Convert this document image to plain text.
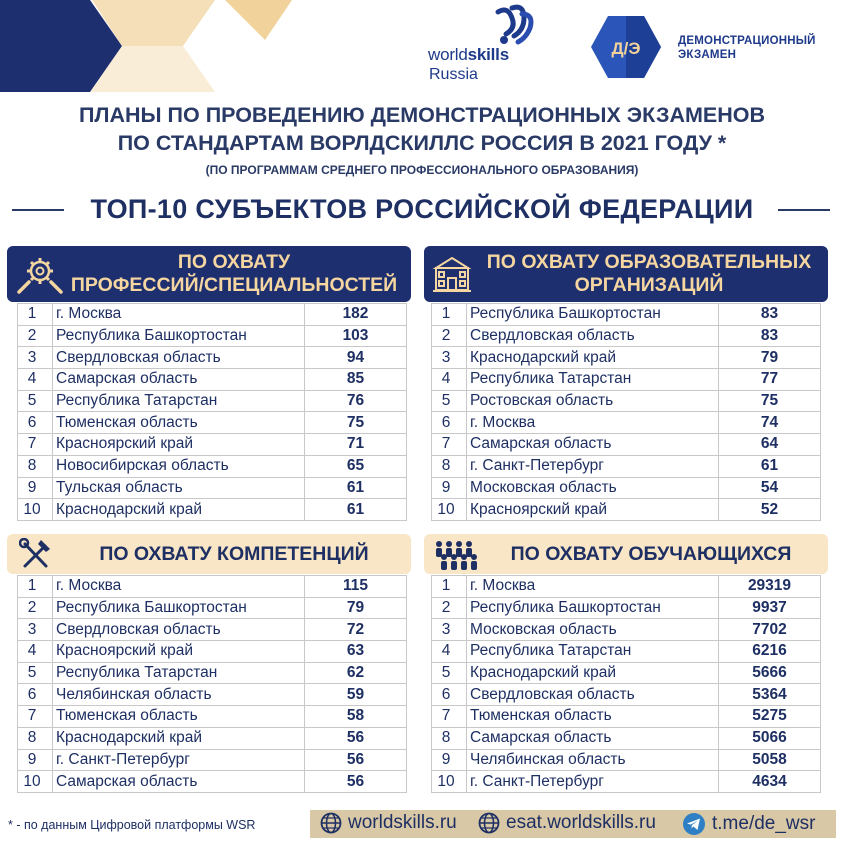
worldskills
Russia
Д/Э	ДЕМОНСТРАЦИОННЫЙ
ЭКЗАМЕН
ПЛАНЫ ПО ПРОВЕДЕНИЮ ДЕМОНСТРАЦИОННЫХ ЭКЗАМЕНОВ
ПО СТАНДАРТАМ ВОРЛДСКИЛЛС РОССИЯ В 2021 ГОДУ *
(ПО ПРОГРАММАМ СРЕДНЕГО ПРОФЕССИОНАЛЬНОГО ОБРАЗОВАНИЯ)
ТОП-10 СУБЪЕКТОВ РОССИЙСКОЙ ФЕДЕРАЦИИ
ПО ОХВАТУ
ПРОФЕССИЙ/СПЕЦИАЛЬНОСТЕЙ
1	г. Москва	182
2	Республика Башкортостан	103
3	Свердловская область	94
4	Самарская область	85
5	Республика Татарстан	76
6	Тюменская область	75
7	Красноярский край	71
8	Новосибирская область	65
9	Тульская область	61
10	Краснодарский край	61
ПО ОХВАТУ ОБРАЗОВАТЕЛЬНЫХ
ОРГАНИЗАЦИЙ
1	Республика Башкортостан	83
2	Свердловская область	83
3	Краснодарский край	79
4	Республика Татарстан	77
5	Ростовская область	75
6	г. Москва	74
7	Самарская область	64
8	г. Санкт-Петербург	61
9	Московская область	54
10	Красноярский край	52
ПО ОХВАТУ КОМПЕТЕНЦИЙ
1	г. Москва	115
2	Республика Башкортостан	79
3	Свердловская область	72
4	Красноярский край	63
5	Республика Татарстан	62
6	Челябинская область	59
7	Тюменская область	58
8	Краснодарский край	56
9	г. Санкт-Петербург	56
10	Самарская область	56
ПО ОХВАТУ ОБУЧАЮЩИХСЯ
1	г. Москва	29319
2	Республика Башкортостан	9937
3	Московская область	7702
4	Республика Татарстан	6216
5	Краснодарский край	5666
6	Свердловская область	5364
7	Тюменская область	5275
8	Самарская область	5066
9	Челябинская область	5058
10	г. Санкт-Петербург	4634
* - по данным Цифровой платформы WSR	worldskills.ru	esat.worldskills.ru	t.me/de_wsr
